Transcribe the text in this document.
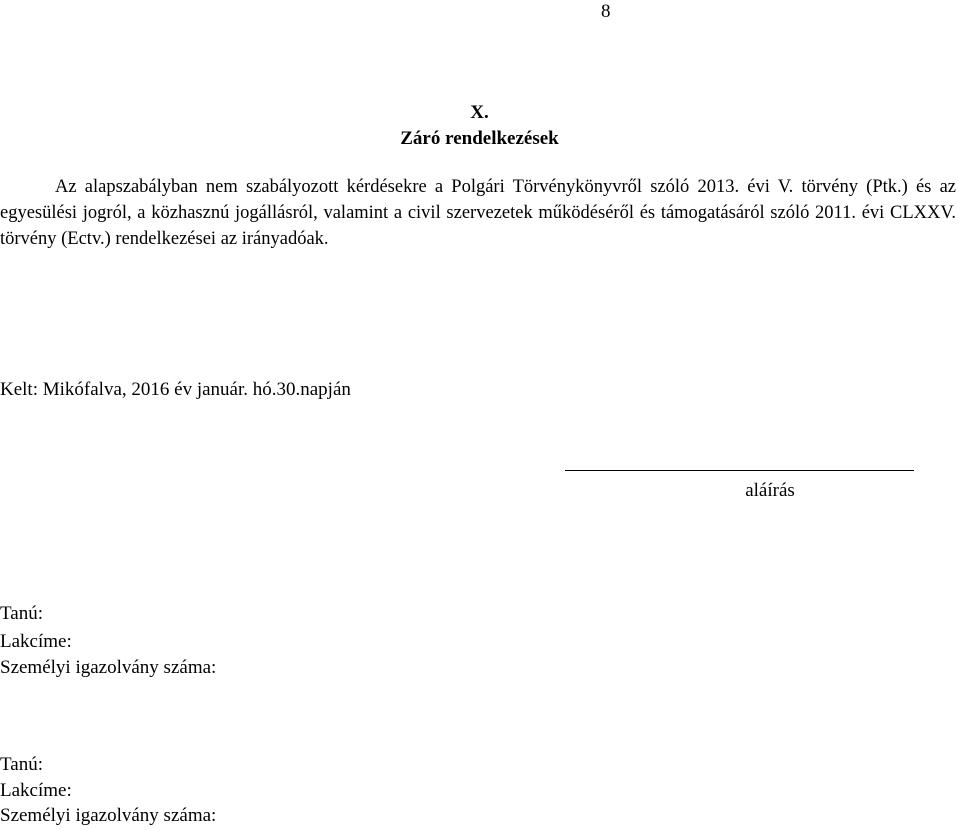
8
X.
Záró rendelkezések

Az alapszabályban nem szabályozott kérdésekre a Polgári Törvénykönyvről szóló 2013. évi V. törvény (Ptk.) és az egyesülési jogról, a közhasznú jogállásról, valamint a civil szervezetek működéséről és támogatásáról szóló 2011. évi CLXXV. törvény (Ectv.) rendelkezései az irányadóak.

Kelt: Mikófalva, 2016 év január. hó.30.napján
aláírás
Tanú:
Lakcíme:
Személyi igazolvány száma:
Tanú:
Lakcíme:
Személyi igazolvány száma:
